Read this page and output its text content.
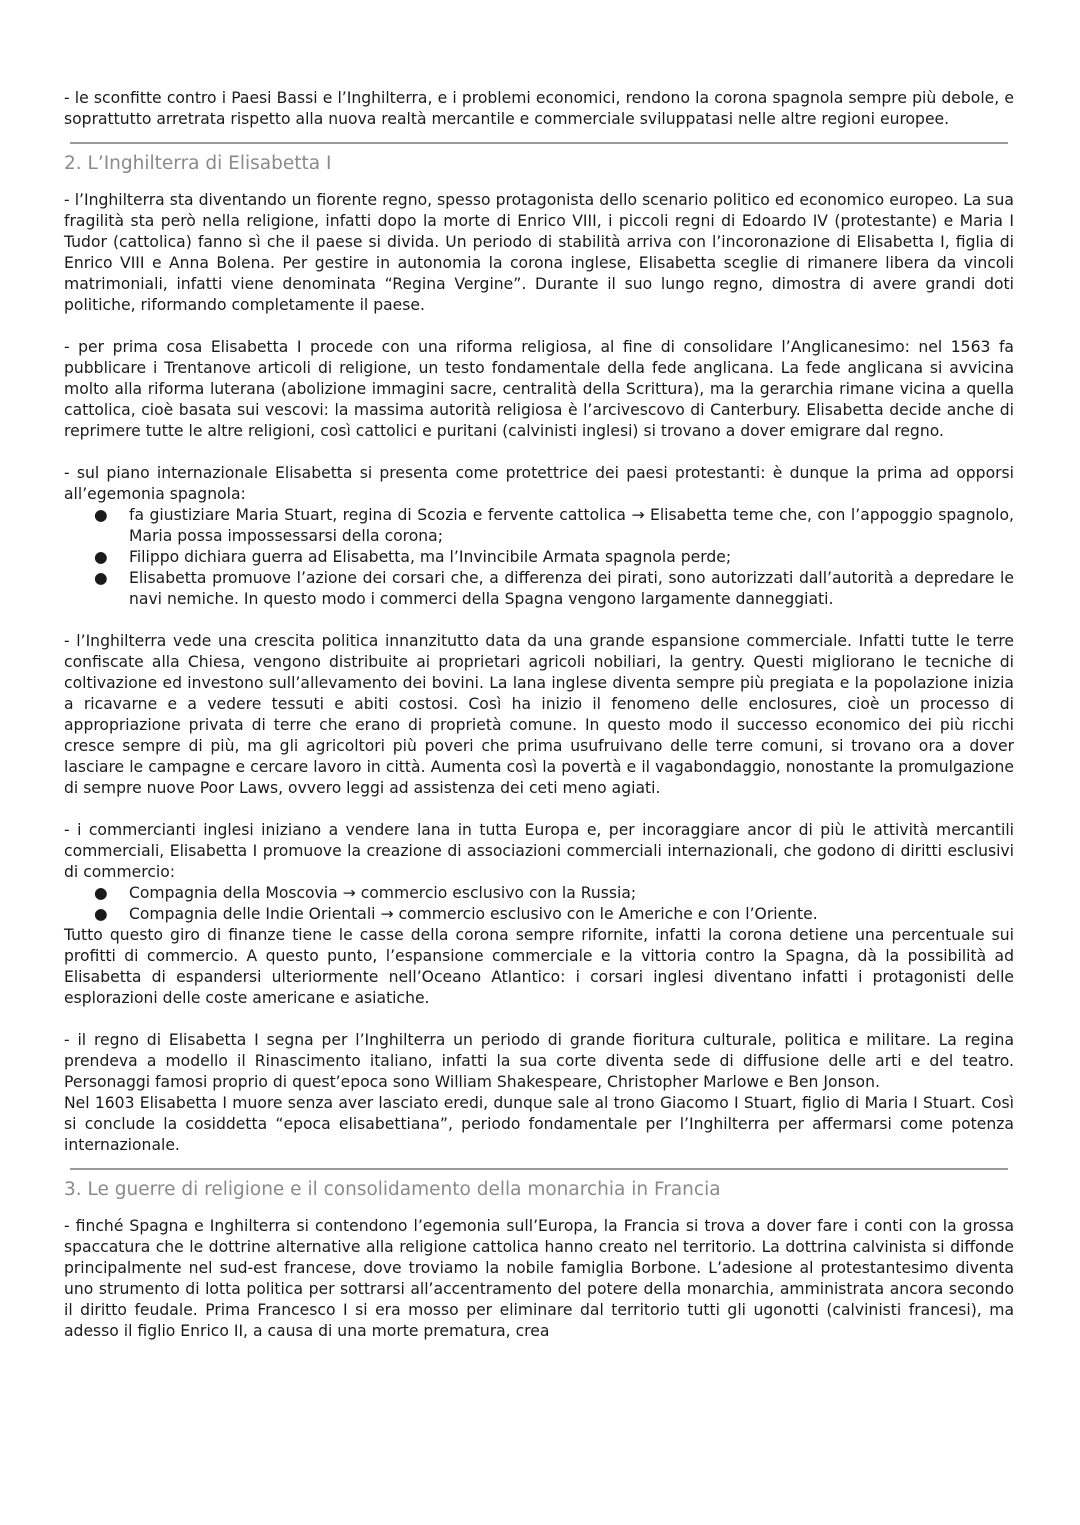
- le sconfitte contro i Paesi Bassi e l’Inghilterra, e i problemi economici, rendono la corona spagnola sempre più debole, e soprattutto arretrata rispetto alla nuova realtà mercantile e commerciale sviluppatasi nelle altre regioni europee.

2. L’Inghilterra di Elisabetta I

- l’Inghilterra sta diventando un fiorente regno, spesso protagonista dello scenario politico ed economico europeo. La sua fragilità sta però nella religione, infatti dopo la morte di Enrico VIII, i piccoli regni di Edoardo IV (protestante) e Maria I Tudor (cattolica) fanno sì che il paese si divida. Un periodo di stabilità arriva con l’incoronazione di Elisabetta I, figlia di Enrico VIII e Anna Bolena. Per gestire in autonomia la corona inglese, Elisabetta sceglie di rimanere libera da vincoli matrimoniali, infatti viene denominata “Regina Vergine”. Durante il suo lungo regno, dimostra di avere grandi doti politiche, riformando completamente il paese.

- per prima cosa Elisabetta I procede con una riforma religiosa, al fine di consolidare l’Anglicanesimo: nel 1563 fa pubblicare i Trentanove articoli di religione, un testo fondamentale della fede anglicana. La fede anglicana si avvicina molto alla riforma luterana (abolizione immagini sacre, centralità della Scrittura), ma la gerarchia rimane vicina a quella cattolica, cioè basata sui vescovi: la massima autorità religiosa è l’arcivescovo di Canterbury. Elisabetta decide anche di reprimere tutte le altre religioni, così cattolici e puritani (calvinisti inglesi) si trovano a dover emigrare dal regno.

- sul piano internazionale Elisabetta si presenta come protettrice dei paesi protestanti: è dunque la prima ad opporsi all’egemonia spagnola:

● fa giustiziare Maria Stuart, regina di Scozia e fervente cattolica → Elisabetta teme che, con l’appoggio spagnolo, Maria possa impossessarsi della corona;
● Filippo dichiara guerra ad Elisabetta, ma l’Invincibile Armata spagnola perde;
● Elisabetta promuove l’azione dei corsari che, a differenza dei pirati, sono autorizzati dall’autorità a depredare le navi nemiche. In questo modo i commerci della Spagna vengono largamente danneggiati.

- l’Inghilterra vede una crescita politica innanzitutto data da una grande espansione commerciale. Infatti tutte le terre confiscate alla Chiesa, vengono distribuite ai proprietari agricoli nobiliari, la gentry. Questi migliorano le tecniche di coltivazione ed investono sull’allevamento dei bovini. La lana inglese diventa sempre più pregiata e la popolazione inizia a ricavarne e a vedere tessuti e abiti costosi. Così ha inizio il fenomeno delle enclosures, cioè un processo di appropriazione privata di terre che erano di proprietà comune. In questo modo il successo economico dei più ricchi cresce sempre di più, ma gli agricoltori più poveri che prima usufruivano delle terre comuni, si trovano ora a dover lasciare le campagne e cercare lavoro in città. Aumenta così la povertà e il vagabondaggio, nonostante la promulgazione di sempre nuove Poor Laws, ovvero leggi ad assistenza dei ceti meno agiati.

- i commercianti inglesi iniziano a vendere lana in tutta Europa e, per incoraggiare ancor di più le attività mercantili commerciali, Elisabetta I promuove la creazione di associazioni commerciali internazionali, che godono di diritti esclusivi di commercio:

● Compagnia della Moscovia → commercio esclusivo con la Russia;
● Compagnia delle Indie Orientali → commercio esclusivo con le Americhe e con l’Oriente.

Tutto questo giro di finanze tiene le casse della corona sempre rifornite, infatti la corona detiene una percentuale sui profitti di commercio. A questo punto, l’espansione commerciale e la vittoria contro la Spagna, dà la possibilità ad Elisabetta di espandersi ulteriormente nell’Oceano Atlantico: i corsari inglesi diventano infatti i protagonisti delle esplorazioni delle coste americane e asiatiche.

- il regno di Elisabetta I segna per l’Inghilterra un periodo di grande fioritura culturale, politica e militare. La regina prendeva a modello il Rinascimento italiano, infatti la sua corte diventa sede di diffusione delle arti e del teatro. Personaggi famosi proprio di quest’epoca sono William Shakespeare, Christopher Marlowe e Ben Jonson.

Nel 1603 Elisabetta I muore senza aver lasciato eredi, dunque sale al trono Giacomo I Stuart, figlio di Maria I Stuart. Così si conclude la cosiddetta “epoca elisabettiana”, periodo fondamentale per l’Inghilterra per affermarsi come potenza internazionale.

3. Le guerre di religione e il consolidamento della monarchia in Francia

- finché Spagna e Inghilterra si contendono l’egemonia sull’Europa, la Francia si trova a dover fare i conti con la grossa spaccatura che le dottrine alternative alla religione cattolica hanno creato nel territorio. La dottrina calvinista si diffonde principalmente nel sud-est francese, dove troviamo la nobile famiglia Borbone. L’adesione al protestantesimo diventa uno strumento di lotta politica per sottrarsi all’accentramento del potere della monarchia, amministrata ancora secondo il diritto feudale. Prima Francesco I si era mosso per eliminare dal territorio tutti gli ugonotti (calvinisti francesi), ma adesso il figlio Enrico II, a causa di una morte prematura, crea
